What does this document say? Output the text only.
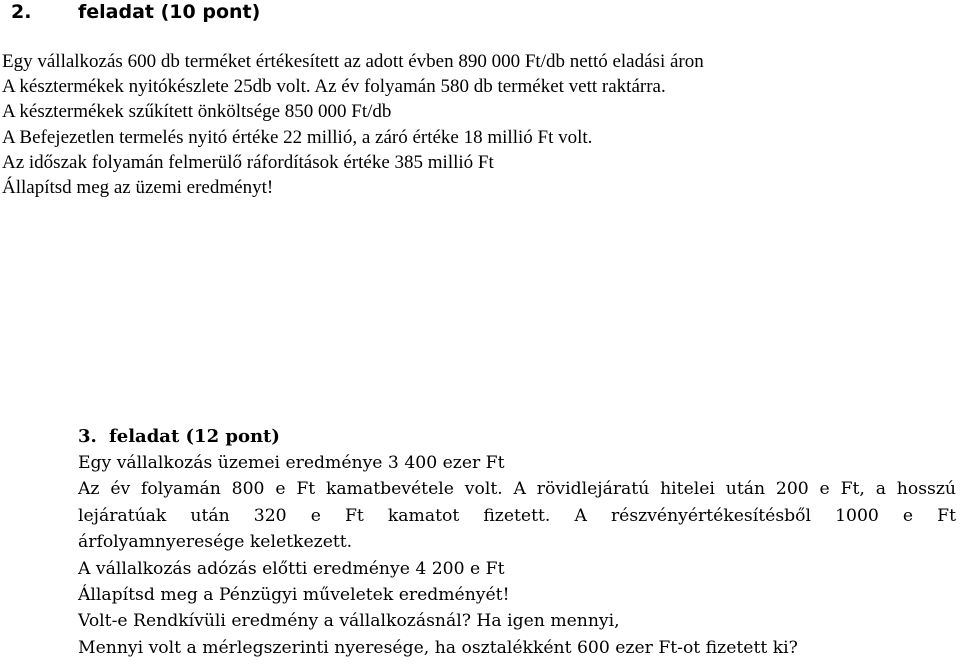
2. feladat (10 pont)
Egy vállalkozás 600 db terméket értékesített az adott évben 890 000 Ft/db nettó eladási áron
A késztermékek nyitókészlete 25db volt. Az év folyamán 580 db terméket vett raktárra.
A késztermékek szűkített önköltsége 850 000 Ft/db
A Befejezetlen termelés nyitó értéke 22 millió, a záró értéke 18 millió Ft volt.
Az időszak folyamán felmerülő ráfordítások értéke 385 millió Ft
Állapítsd meg az üzemi eredményt!
3. feladat (12 pont)
Egy vállalkozás üzemei eredménye 3 400 ezer Ft
Az év folyamán 800 e Ft kamatbevétele volt. A rövidlejáratú hitelei után 200 e Ft, a hosszú
lejáratúak után 320 e Ft kamatot fizetett. A részvényértékesítésből 1000 e Ft
árfolyamnyeresége keletkezett.
A vállalkozás adózás előtti eredménye 4 200 e Ft
Állapítsd meg a Pénzügyi műveletek eredményét!
Volt-e Rendkívüli eredmény a vállalkozásnál? Ha igen mennyi,
Mennyi volt a mérlegszerinti nyeresége, ha osztalékként 600 ezer Ft-ot fizetett ki?
